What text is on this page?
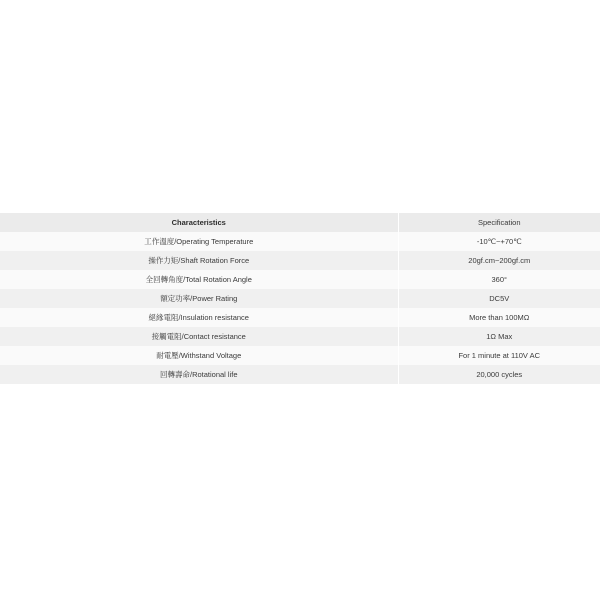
Characteristics	Specification
工作溫度/Operating Temperature	-10℃~+70℃
操作力矩/Shaft Rotation Force	20gf.cm~200gf.cm
全回轉角度/Total Rotation Angle	360°
額定功率/Power Rating	DC5V
絕緣電阻/Insulation resistance	More than 100MΩ
接觸電阻/Contact resistance	1Ω Max
耐電壓/Withstand Voltage	For 1 minute at 110V AC
回轉壽命/Rotational life	20,000 cycles
